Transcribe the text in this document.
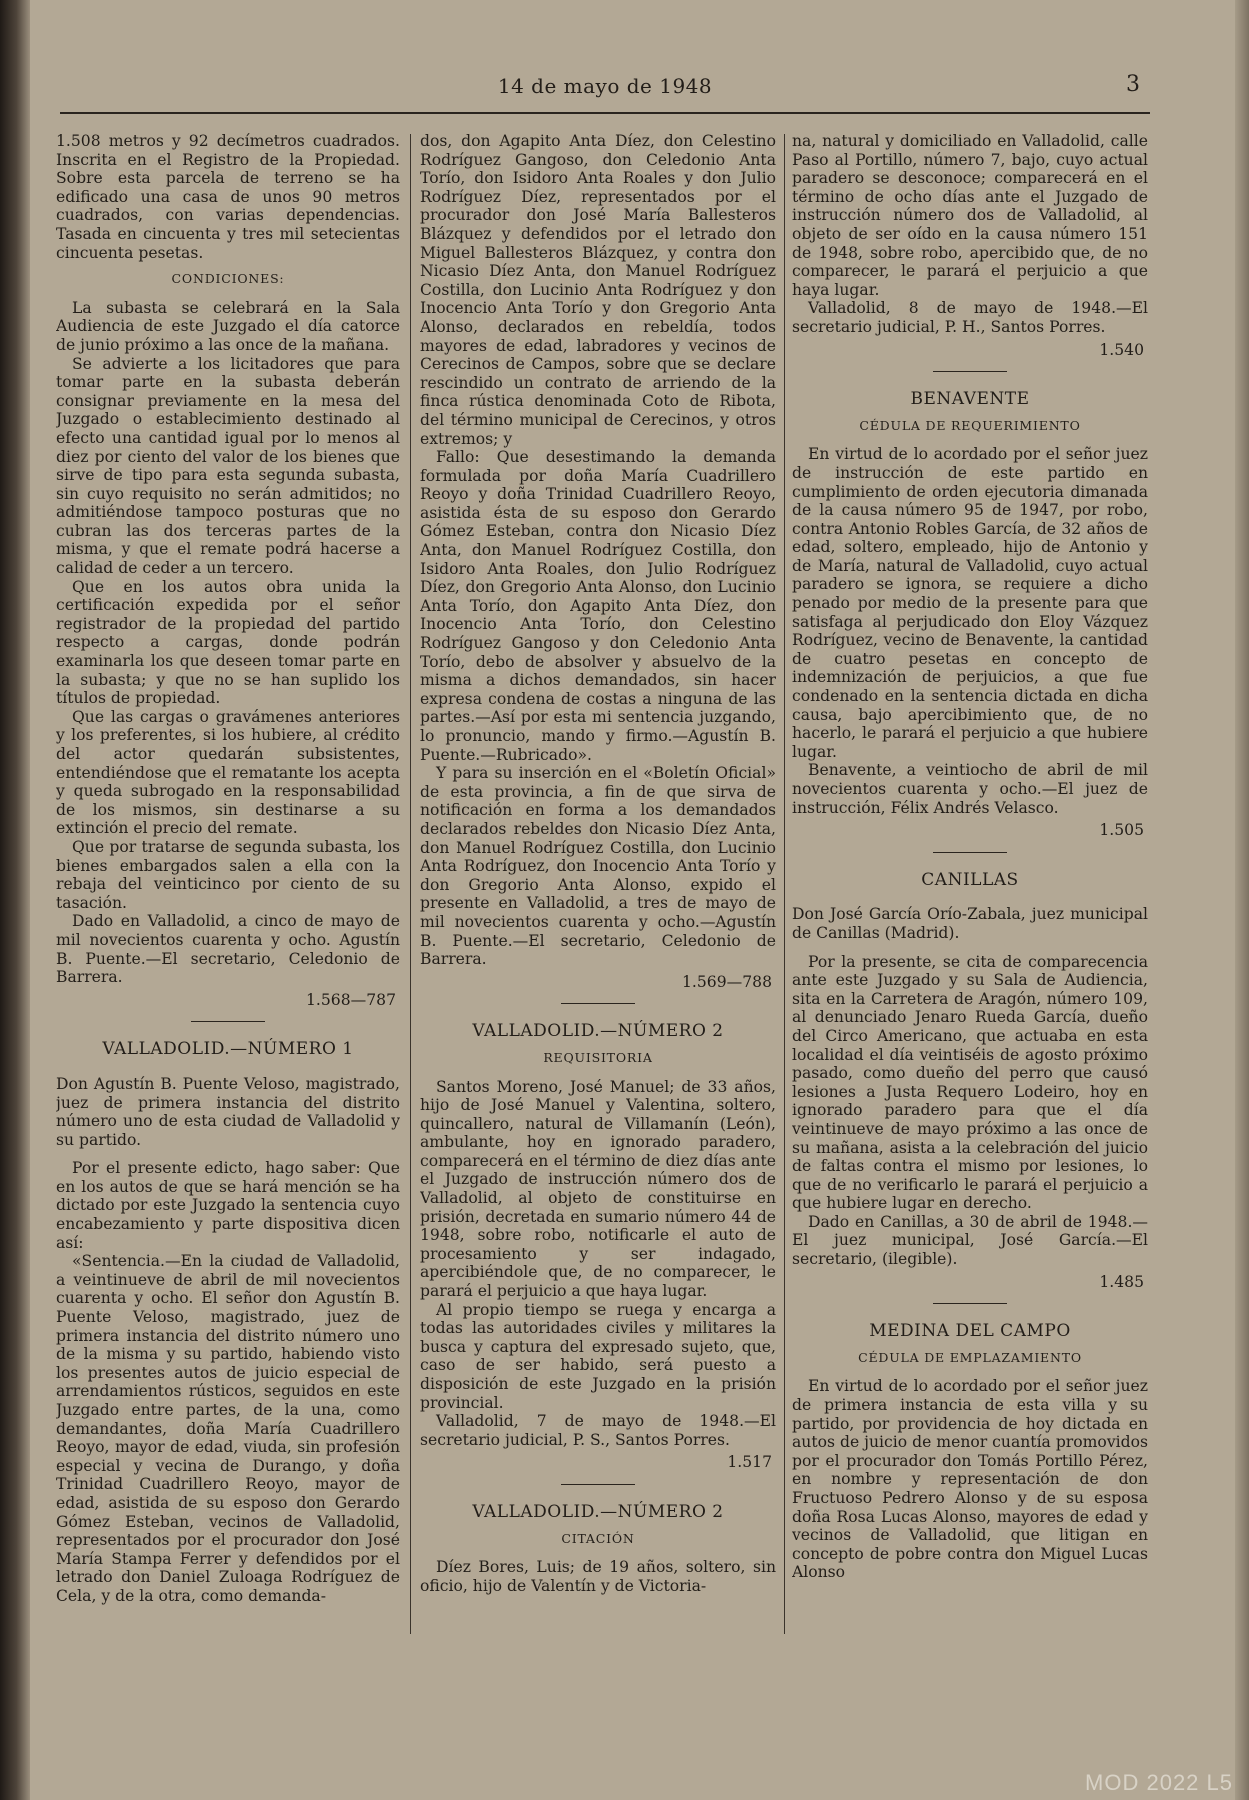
14 de mayo de 1948	3

1.508 metros y 92 decímetros cuadrados. Inscrita en el Registro de la Propiedad. Sobre esta parcela de terreno se ha edificado una casa de unos 90 metros cuadrados, con varias dependencias. Tasada en cincuenta y tres mil setecientas cincuenta pesetas.

CONDICIONES:

La subasta se celebrará en la Sala Audiencia de este Juzgado el día catorce de junio próximo a las once de la mañana.

Se advierte a los licitadores que para tomar parte en la subasta deberán consignar previamente en la mesa del Juzgado o establecimiento destinado al efecto una cantidad igual por lo menos al diez por ciento del valor de los bienes que sirve de tipo para esta segunda subasta, sin cuyo requisito no serán admitidos; no admitiéndose tampoco posturas que no cubran las dos terceras partes de la misma, y que el remate podrá hacerse a calidad de ceder a un tercero.

Que en los autos obra unida la certificación expedida por el señor registrador de la propiedad del partido respecto a cargas, donde podrán examinarla los que deseen tomar parte en la subasta; y que no se han suplido los títulos de propiedad.

Que las cargas o gravámenes anteriores y los preferentes, si los hubiere, al crédito del actor quedarán subsistentes, entendiéndose que el rematante los acepta y queda subrogado en la responsabilidad de los mismos, sin destinarse a su extinción el precio del remate.

Que por tratarse de segunda subasta, los bienes embargados salen a ella con la rebaja del veinticinco por ciento de su tasación.

Dado en Valladolid, a cinco de mayo de mil novecientos cuarenta y ocho. Agustín B. Puente.—El secretario, Celedonio de Barrera.

1.568—787
VALLADOLID.—NÚMERO 1

Don Agustín B. Puente Veloso, magistrado, juez de primera instancia del distrito número uno de esta ciudad de Valladolid y su partido.

Por el presente edicto, hago saber: Que en los autos de que se hará mención se ha dictado por este Juzgado la sentencia cuyo encabezamiento y parte dispositiva dicen así:

«Sentencia.—En la ciudad de Valladolid, a veintinueve de abril de mil novecientos cuarenta y ocho. El señor don Agustín B. Puente Veloso, magistrado, juez de primera instancia del distrito número uno de la misma y su partido, habiendo visto los presentes autos de juicio especial de arrendamientos rústicos, seguidos en este Juzgado entre partes, de la una, como demandantes, doña María Cuadrillero Reoyo, mayor de edad, viuda, sin profesión especial y vecina de Durango, y doña Trinidad Cuadrillero Reoyo, mayor de edad, asistida de su esposo don Gerardo Gómez Esteban, vecinos de Valladolid, representados por el procurador don José María Stampa Ferrer y defendidos por el letrado don Daniel Zuloaga Rodríguez de Cela, y de la otra, como demanda-

dos, don Agapito Anta Díez, don Celestino Rodríguez Gangoso, don Celedonio Anta Torío, don Isidoro Anta Roales y don Julio Rodríguez Díez, representados por el procurador don José María Ballesteros Blázquez y defendidos por el letrado don Miguel Ballesteros Blázquez, y contra don Nicasio Díez Anta, don Manuel Rodríguez Costilla, don Lucinio Anta Rodríguez y don Inocencio Anta Torío y don Gregorio Anta Alonso, declarados en rebeldía, todos mayores de edad, labradores y vecinos de Cerecinos de Campos, sobre que se declare rescindido un contrato de arriendo de la finca rústica denominada Coto de Ribota, del término municipal de Cerecinos, y otros extremos; y

Fallo: Que desestimando la demanda formulada por doña María Cuadrillero Reoyo y doña Trinidad Cuadrillero Reoyo, asistida ésta de su esposo don Gerardo Gómez Esteban, contra don Nicasio Díez Anta, don Manuel Rodríguez Costilla, don Isidoro Anta Roales, don Julio Rodríguez Díez, don Gregorio Anta Alonso, don Lucinio Anta Torío, don Agapito Anta Díez, don Inocencio Anta Torío, don Celestino Rodríguez Gangoso y don Celedonio Anta Torío, debo de absolver y absuelvo de la misma a dichos demandados, sin hacer expresa condena de costas a ninguna de las partes.—Así por esta mi sentencia juzgando, lo pronuncio, mando y firmo.—Agustín B. Puente.—Rubricado».

Y para su inserción en el «Boletín Oficial» de esta provincia, a fin de que sirva de notificación en forma a los demandados declarados rebeldes don Nicasio Díez Anta, don Manuel Rodríguez Costilla, don Lucinio Anta Rodríguez, don Inocencio Anta Torío y don Gregorio Anta Alonso, expido el presente en Valladolid, a tres de mayo de mil novecientos cuarenta y ocho.—Agustín B. Puente.—El secretario, Celedonio de Barrera.

1.569—788
VALLADOLID.—NÚMERO 2
REQUISITORIA

Santos Moreno, José Manuel; de 33 años, hijo de José Manuel y Valentina, soltero, quincallero, natural de Villamanín (León), ambulante, hoy en ignorado paradero, comparecerá en el término de diez días ante el Juzgado de instrucción número dos de Valladolid, al objeto de constituirse en prisión, decretada en sumario número 44 de 1948, sobre robo, notificarle el auto de procesamiento y ser indagado, apercibiéndole que, de no comparecer, le parará el perjuicio a que haya lugar.

Al propio tiempo se ruega y encarga a todas las autoridades civiles y militares la busca y captura del expresado sujeto, que, caso de ser habido, será puesto a disposición de este Juzgado en la prisión provincial.

Valladolid, 7 de mayo de 1948.—El secretario judicial, P. S., Santos Porres.

1.517
VALLADOLID.—NÚMERO 2
CITACIÓN

Díez Bores, Luis; de 19 años, soltero, sin oficio, hijo de Valentín y de Victoria-

na, natural y domiciliado en Valladolid, calle Paso al Portillo, número 7, bajo, cuyo actual paradero se desconoce; comparecerá en el término de ocho días ante el Juzgado de instrucción número dos de Valladolid, al objeto de ser oído en la causa número 151 de 1948, sobre robo, apercibido que, de no comparecer, le parará el perjuicio a que haya lugar.

Valladolid, 8 de mayo de 1948.—El secretario judicial, P. H., Santos Porres.

1.540
BENAVENTE
CÉDULA DE REQUERIMIENTO

En virtud de lo acordado por el señor juez de instrucción de este partido en cumplimiento de orden ejecutoria dimanada de la causa número 95 de 1947, por robo, contra Antonio Robles García, de 32 años de edad, soltero, empleado, hijo de Antonio y de María, natural de Valladolid, cuyo actual paradero se ignora, se requiere a dicho penado por medio de la presente para que satisfaga al perjudicado don Eloy Vázquez Rodríguez, vecino de Benavente, la cantidad de cuatro pesetas en concepto de indemnización de perjuicios, a que fue condenado en la sentencia dictada en dicha causa, bajo apercibimiento que, de no hacerlo, le parará el perjuicio a que hubiere lugar.

Benavente, a veintiocho de abril de mil novecientos cuarenta y ocho.—El juez de instrucción, Félix Andrés Velasco.

1.505
CANILLAS

Don José García Orío-Zabala, juez municipal de Canillas (Madrid).

Por la presente, se cita de comparecencia ante este Juzgado y su Sala de Audiencia, sita en la Carretera de Aragón, número 109, al denunciado Jenaro Rueda García, dueño del Circo Americano, que actuaba en esta localidad el día veintiséis de agosto próximo pasado, como dueño del perro que causó lesiones a Justa Requero Lodeiro, hoy en ignorado paradero para que el día veintinueve de mayo próximo a las once de su mañana, asista a la celebración del juicio de faltas contra el mismo por lesiones, lo que de no verificarlo le parará el perjuicio a que hubiere lugar en derecho.

Dado en Canillas, a 30 de abril de 1948.—El juez municipal, José García.—El secretario, (ilegible).

1.485
MEDINA DEL CAMPO
CÉDULA DE EMPLAZAMIENTO

En virtud de lo acordado por el señor juez de primera instancia de esta villa y su partido, por providencia de hoy dictada en autos de juicio de menor cuantía promovidos por el procurador don Tomás Portillo Pérez, en nombre y representación de don Fructuoso Pedrero Alonso y de su esposa doña Rosa Lucas Alonso, mayores de edad y vecinos de Valladolid, que litigan en concepto de pobre contra don Miguel Lucas Alonso

MOD 2022 L5
